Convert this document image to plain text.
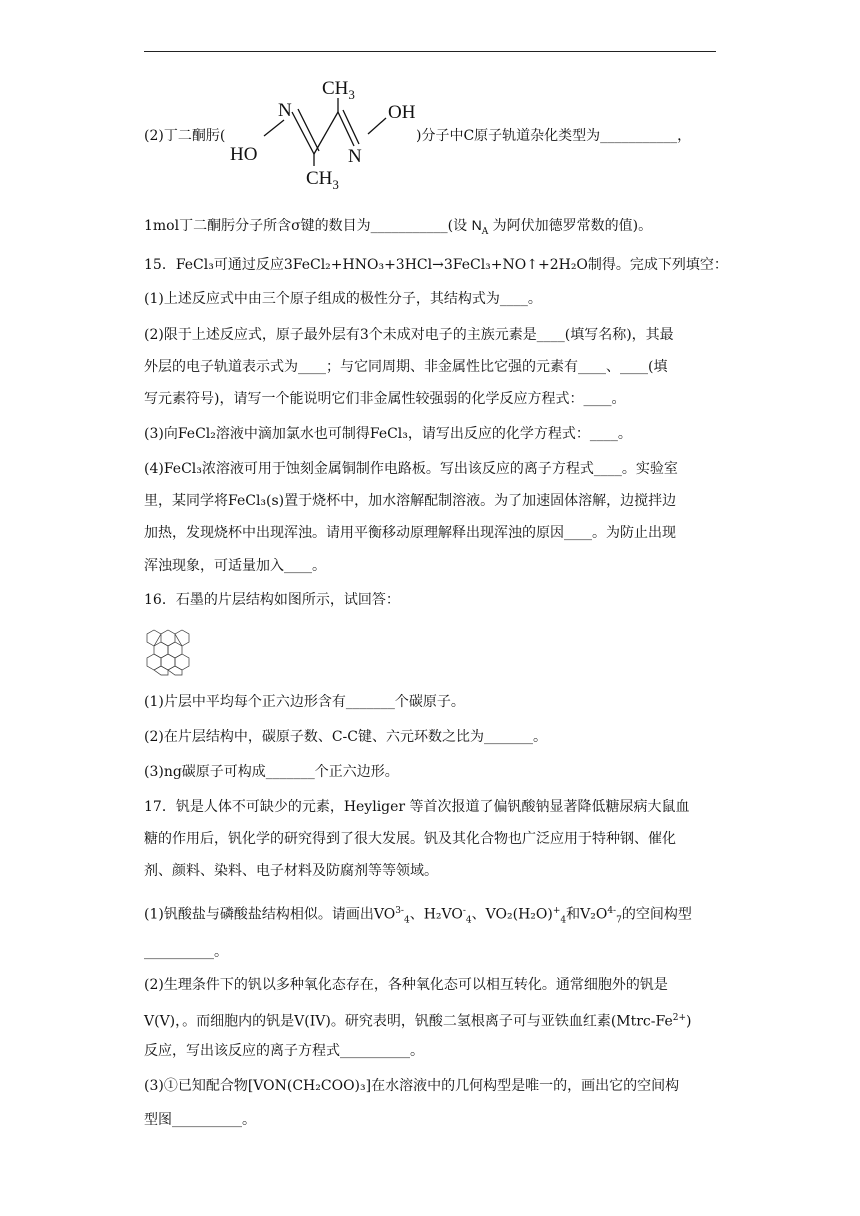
(2)丁二酮肟(
$CH_3$
N	OH
HO	N
$CH_3$
)分子中C原子轨道杂化类型为___________，
1mol丁二酮肟分子所含σ键的数目为___________(设 $N_A$ 为阿伏加德罗常数的值)。
15．FeCl₃可通过反应3FeCl₂+HNO₃+3HCl→3FeCl₃+NO↑+2H₂O制得。完成下列填空：
(1)上述反应式中由三个原子组成的极性分子，其结构式为____。
(2)限于上述反应式，原子最外层有3个未成对电子的主族元素是____(填写名称)，其最
外层的电子轨道表示式为____；与它同周期、非金属性比它强的元素有____、____(填
写元素符号)，请写一个能说明它们非金属性较强弱的化学反应方程式：____。
(3)向FeCl₂溶液中滴加氯水也可制得FeCl₃，请写出反应的化学方程式：____。
(4)FeCl₃浓溶液可用于蚀刻金属铜制作电路板。写出该反应的离子方程式____。实验室
里，某同学将FeCl₃(s)置于烧杯中，加水溶解配制溶液。为了加速固体溶解，边搅拌边
加热，发现烧杯中出现浑浊。请用平衡移动原理解释出现浑浊的原因____。为防止出现
浑浊现象，可适量加入____。
16．石墨的片层结构如图所示，试回答：
(1)片层中平均每个正六边形含有_______个碳原子。
(2)在片层结构中，碳原子数、C-C键、六元环数之比为_______。
(3)ng碳原子可构成_______个正六边形。
17．钒是人体不可缺少的元素，Heyliger 等首次报道了偏钒酸钠显著降低糖尿病大鼠血
糖的作用后，钒化学的研究得到了很大发展。钒及其化合物也广泛应用于特种钢、催化
剂、颜料、染料、电子材料及防腐剂等等领域。
(1)钒酸盐与磷酸盐结构相似。请画出$VO^{3-}_4$、$H_2VO^-_4$、$VO_2(H_2O)^+_4$和$V_2O^{4-}_7$的空间构型
__________。
(2)生理条件下的钒以多种氧化态存在，各种氧化态可以相互转化。通常细胞外的钒是
V(V)，。而细胞内的钒是V(IV)。研究表明，钒酸二氢根离子可与亚铁血红素$(Mtrc-Fe^{2+})$
反应，写出该反应的离子方程式__________。
(3)①已知配合物[VON(CH₂COO)₃]在水溶液中的几何构型是唯一的，画出它的空间构
型图__________。
